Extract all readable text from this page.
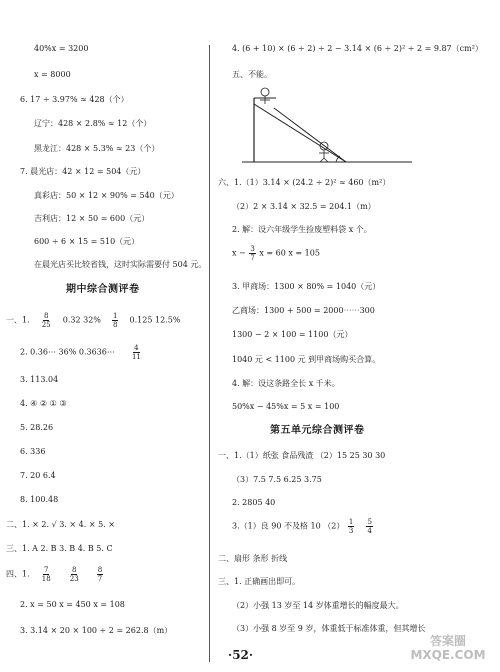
40%x = 3200
x = 8000
6. 17 ÷ 3.97% ≈ 428（个）
辽宁：428 × 2.8% ≈ 12（个）
黑龙江：428 × 5.3% ≈ 23（个）
7. 晨光店：42 × 12 = 504（元）
真彩店：50 × 12 × 90% = 540（元）
吉利店：12 × 50 = 600（元）
600 ÷ 6 × 15 = 510（元）
在晨光店买比较省钱，这时实际需要付 504 元。
期中综合测评卷
一、1. $\frac{8}{25} 0.32$ $32\% \frac{1}{8} 0.125$ 12.5%
2. 0.36⋯ 36% 0.3636⋯ $\frac{4}{11}$
3. 113.04
4. ④ ② ① ③
5. 28.26
6. 336
7. 20 6.4
8. 100.48
二、1. × 2. √ 3. × 4. × 5. ×
三、1. A 2. B 3. B 4. B 5. C
四、1. $\frac{7}{18}$
$\frac{8}{23}$
$\frac{8}{7}$
2. x = 50 x = 450 x = 108
3. 3.14 × 20 × 100 ÷ 2 = 262.8（m）
4. (6 + 10) × (6 ÷ 2) ÷ 2 − 3.14 × (6 ÷ 2)² ÷ 2 = 9.87（cm²）
五、不能。
六、1.（1）3.14 × (24.2 ÷ 2)² ≈ 460（m²）
（2）2 × 3.14 × 32.5 = 204.1（m）
2. 解：设六年级学生捡废塑料袋 x 个。
$x - \frac{3}{7}$ x = 60 x = 105
3. 甲商场：1300 × 80% = 1040（元）
乙商场：1300 + 500 = 2000⋯⋯300
1300 − 2 × 100 = 1100（元）
1040 元 < 1100 元 到甲商场购买合算。
4. 解：设这条路全长 x 千米。
50%x − 45%x = 5 x = 100
第五单元综合测评卷
一、1.（1）纸张 食品残渣 （2）15 25 30 30
（3）7.5 7.5 6.25 3.75
2. 2805 40
3.（1）良 90 不及格 10 $(2) \frac{1}{3}$
$\frac{5}{4}$
二、扇形 条形 折线
三、1. 正确画出即可。
（2）小强 13 岁至 14 岁体重增长的幅度最大。
（3）小强 8 岁至 9 岁，体重低于标准体重，但其增长
·52·
答案圈 MXQE.COM
